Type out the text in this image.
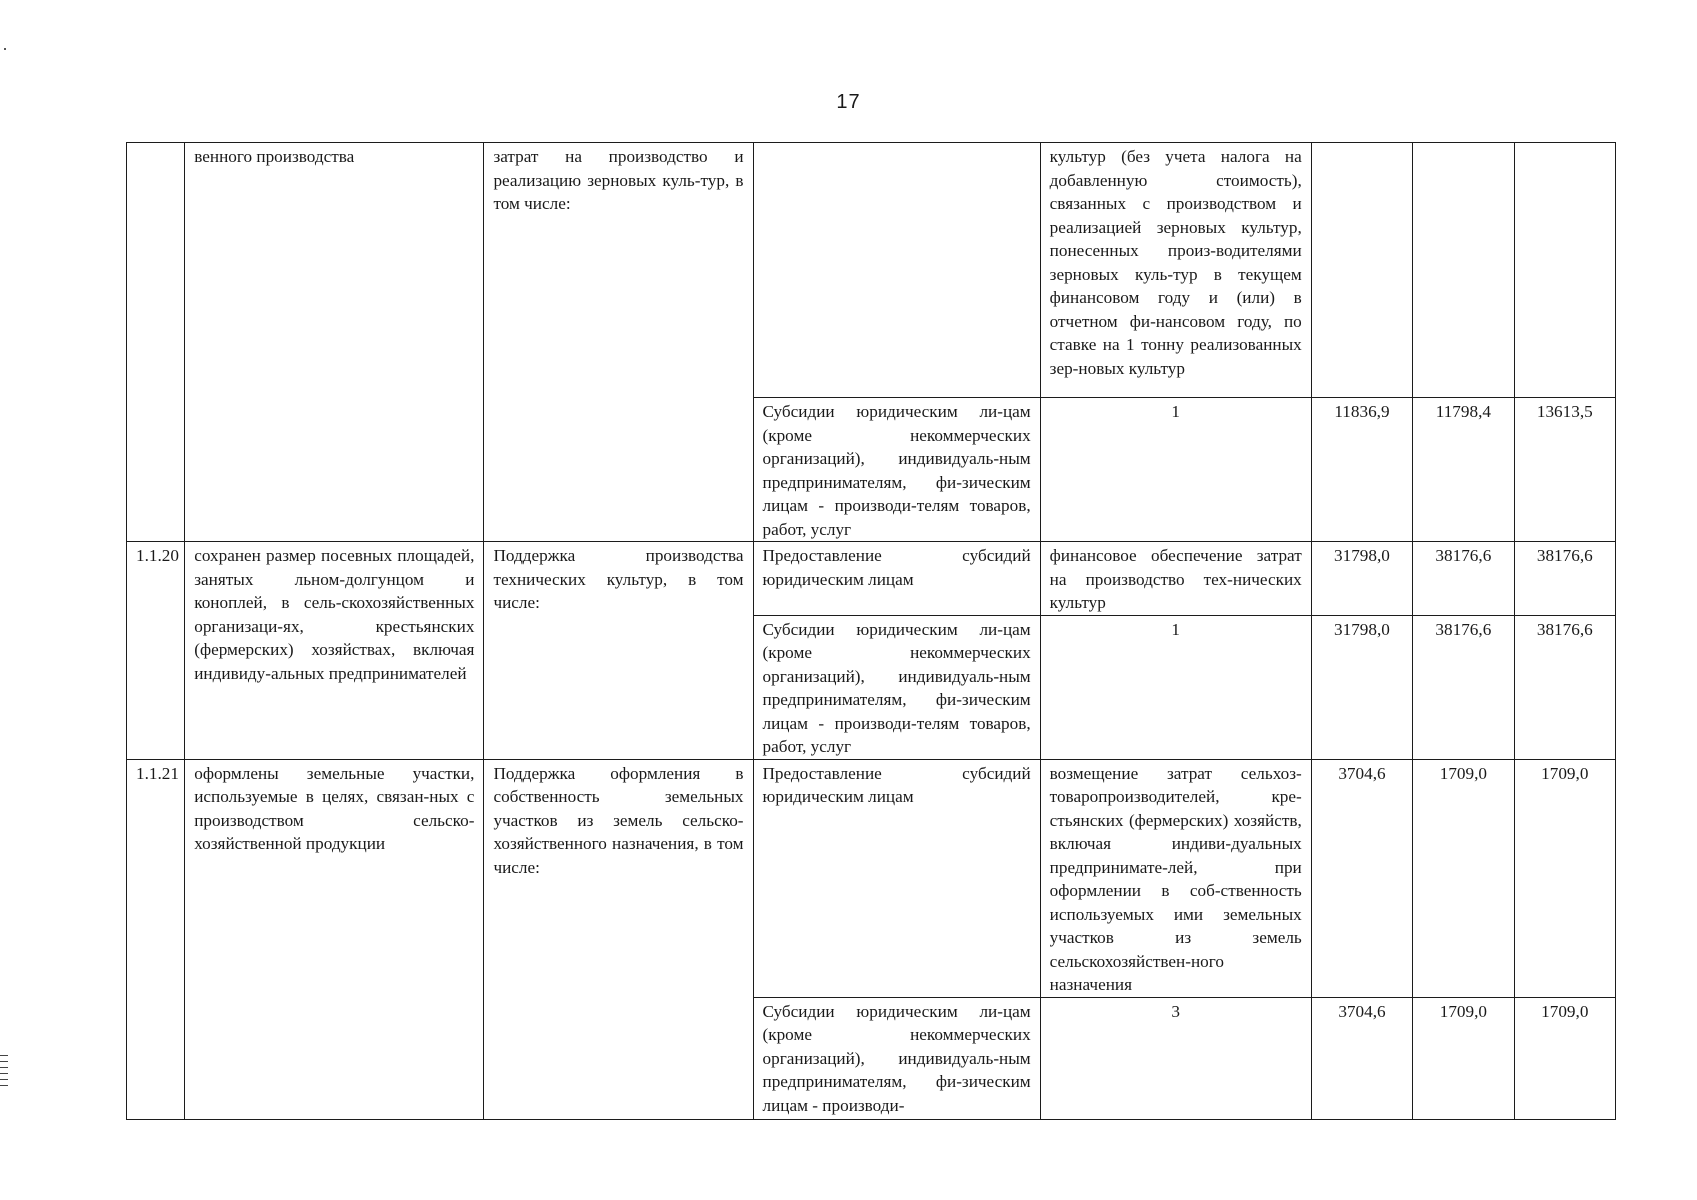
17
	венного производства	затрат на производство и реализацию зерновых куль-тур, в том числе:		культур (без учета налога на добавленную стоимость), связанных с производством и реализацией зерновых культур, понесенных произ-водителями зерновых куль-тур в текущем финансовом году и (или) в отчетном фи-нансовом году, по ставке на 1 тонну реализованных зер-новых культур			
			Субсидии юридическим ли-цам (кроме некоммерческих организаций), индивидуаль-ным предпринимателям, фи-зическим лицам - производи-телям товаров, работ, услуг	1	11836,9	11798,4	13613,5
1.1.20	сохранен размер посевных площадей, занятых льном-долгунцом и коноплей, в сель-скохозяйственных организаци-ях, крестьянских (фермерских) хозяйствах, включая индивиду-альных предпринимателей	Поддержка производства технических культур, в том числе:	Предоставление субсидий юридическим лицам	финансовое обеспечение затрат на производство тех-нических культур	31798,0	38176,6	38176,6
			Субсидии юридическим ли-цам (кроме некоммерческих организаций), индивидуаль-ным предпринимателям, фи-зическим лицам - производи-телям товаров, работ, услуг	1	31798,0	38176,6	38176,6
1.1.21	оформлены земельные участки, используемые в целях, связан-ных с производством сельско-хозяйственной продукции	Поддержка оформления в собственность земельных участков из земель сельско-хозяйственного назначения, в том числе:	Предоставление субсидий юридическим лицам	возмещение затрат сельхоз-товаропроизводителей, кре-стьянских (фермерских) хозяйств, включая индиви-дуальных предпринимате-лей, при оформлении в соб-ственность используемых ими земельных участков из земель сельскохозяйствен-ного назначения	3704,6	1709,0	1709,0
			Субсидии юридическим ли-цам (кроме некоммерческих организаций), индивидуаль-ным предпринимателям, фи-зическим лицам - производи-	3	3704,6	1709,0	1709,0
